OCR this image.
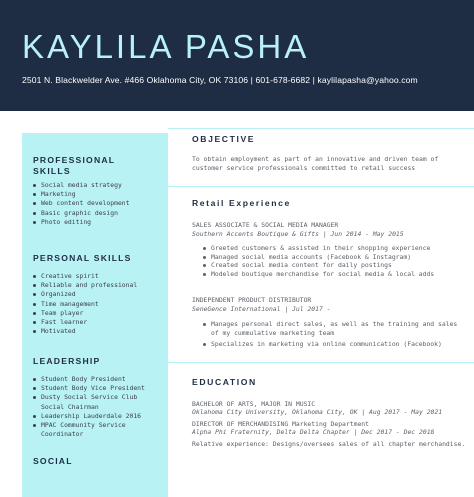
KAYLILA PASHA
2501 N. Blackwelder Ave. #466 Oklahoma City, OK 73106 | 601-678-6682 | kaylilapasha@yahoo.com
PROFESSIONAL
SKILLS
Social media strategy
Marketing
Web content development
Basic graphic design
Photo editing
PERSONAL SKILLS
Creative spirit
Reliable and professional
Organized
Time management
Team player
Fast learner
Motivated
LEADERSHIP
Student Body President
Student Body Vice President
Dusty Social Service Club Social Chairman
Leadership Lauderdale 2016
MPAC Community Service Coordinator
SOCIAL
OBJECTIVE
To obtain employment as part of an innovative and driven team of
customer service professionals committed to retail success
Retail Experience
SALES ASSOCIATE & SOCIAL MEDIA MANAGER
Southern Accents Boutique & Gifts | Jun 2014 - May 2015
Greeted customers & assisted in their shopping experience
Managed social media accounts (Facebook & Instagram)
Created social media content for daily postings
Modeled boutique merchandise for social media & local adds
INDEPENDENT PRODUCT DISTRIBUTOR
SeneGence International | Jul 2017 -
Manages personal direct sales, as well as the training and sales of my cummulative marketing team
Specializes in marketing via online communication (Facebook)
EDUCATION
BACHELOR OF ARTS, MAJOR IN MUSIC
Oklahoma City University, Oklahoma City, OK | Aug 2017 - May 2021
DIRECTOR OF MERCHANDISING Marketing Department
Alpha Phi Fraternity, Delta Delta Chapter | Dec 2017 - Dec 2018
Relative experience: Designs/oversees sales of all chapter merchandise.
